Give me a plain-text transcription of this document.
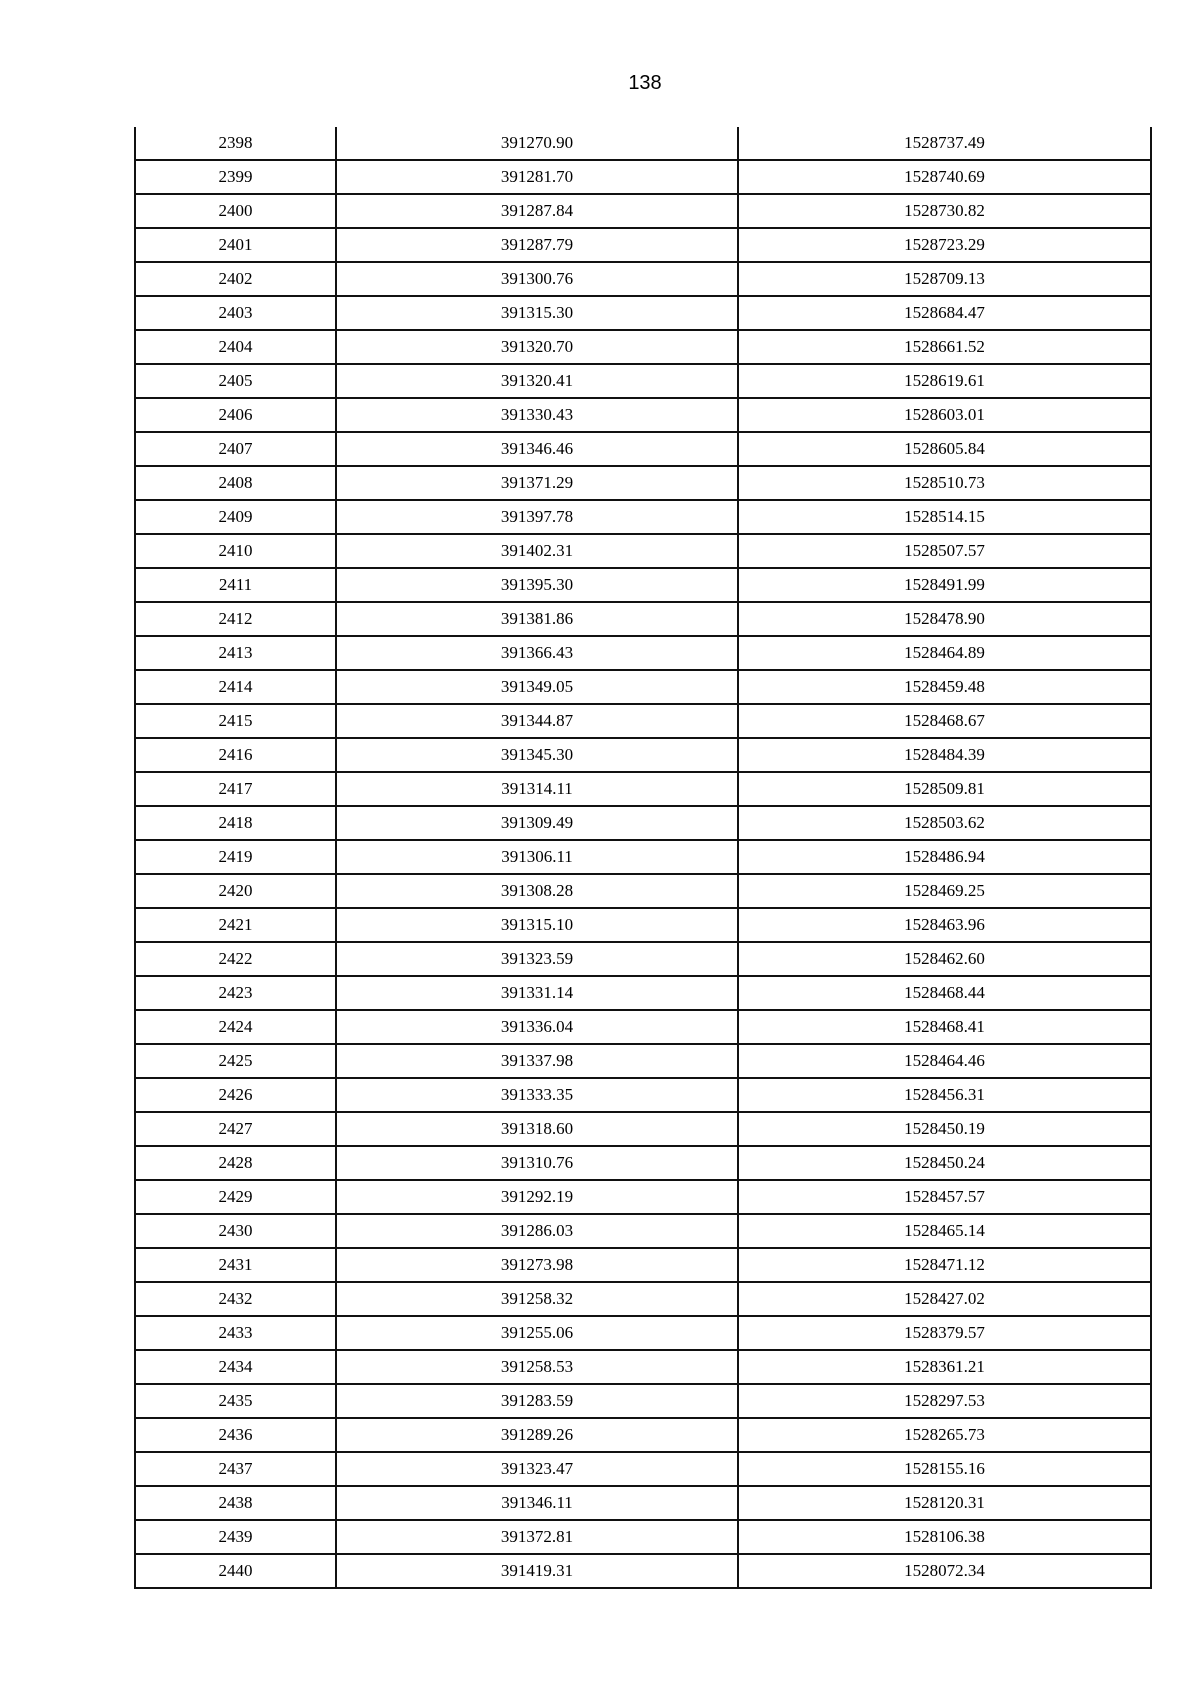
138
2398	391270.90	1528737.49
2399	391281.70	1528740.69
2400	391287.84	1528730.82
2401	391287.79	1528723.29
2402	391300.76	1528709.13
2403	391315.30	1528684.47
2404	391320.70	1528661.52
2405	391320.41	1528619.61
2406	391330.43	1528603.01
2407	391346.46	1528605.84
2408	391371.29	1528510.73
2409	391397.78	1528514.15
2410	391402.31	1528507.57
2411	391395.30	1528491.99
2412	391381.86	1528478.90
2413	391366.43	1528464.89
2414	391349.05	1528459.48
2415	391344.87	1528468.67
2416	391345.30	1528484.39
2417	391314.11	1528509.81
2418	391309.49	1528503.62
2419	391306.11	1528486.94
2420	391308.28	1528469.25
2421	391315.10	1528463.96
2422	391323.59	1528462.60
2423	391331.14	1528468.44
2424	391336.04	1528468.41
2425	391337.98	1528464.46
2426	391333.35	1528456.31
2427	391318.60	1528450.19
2428	391310.76	1528450.24
2429	391292.19	1528457.57
2430	391286.03	1528465.14
2431	391273.98	1528471.12
2432	391258.32	1528427.02
2433	391255.06	1528379.57
2434	391258.53	1528361.21
2435	391283.59	1528297.53
2436	391289.26	1528265.73
2437	391323.47	1528155.16
2438	391346.11	1528120.31
2439	391372.81	1528106.38
2440	391419.31	1528072.34
